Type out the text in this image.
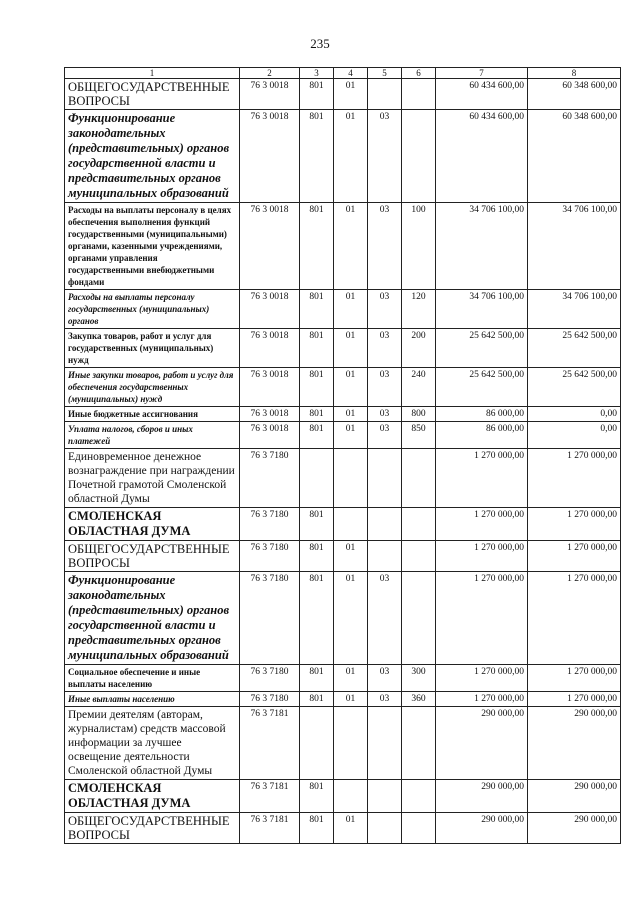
235
1	2	3	4	5	6	7	8
ОБЩЕГОСУДАРСТВЕННЫЕ ВОПРОСЫ	76 3 0018	801	01			60 434 600,00	60 348 600,00
Функционирование законодательных (представительных) органов государственной власти и представительных органов муниципальных образований	76 3 0018	801	01	03		60 434 600,00	60 348 600,00
Расходы на выплаты персоналу в целях обеспечения выполнения функций государственными (муниципальными) органами, казенными учреждениями, органами управления государственными внебюджетными фондами	76 3 0018	801	01	03	100	34 706 100,00	34 706 100,00
Расходы на выплаты персоналу государственных (муниципальных) органов	76 3 0018	801	01	03	120	34 706 100,00	34 706 100,00
Закупка товаров, работ и услуг для государственных (муниципальных) нужд	76 3 0018	801	01	03	200	25 642 500,00	25 642 500,00
Иные закупки товаров, работ и услуг для обеспечения государственных (муниципальных) нужд	76 3 0018	801	01	03	240	25 642 500,00	25 642 500,00
Иные бюджетные ассигнования	76 3 0018	801	01	03	800	86 000,00	0,00
Уплата налогов, сборов и иных платежей	76 3 0018	801	01	03	850	86 000,00	0,00
Единовременное денежное вознаграждение при награждении Почетной грамотой Смоленской областной Думы	76 3 7180					1 270 000,00	1 270 000,00
СМОЛЕНСКАЯ ОБЛАСТНАЯ ДУМА	76 3 7180	801				1 270 000,00	1 270 000,00
ОБЩЕГОСУДАРСТВЕННЫЕ ВОПРОСЫ	76 3 7180	801	01			1 270 000,00	1 270 000,00
Функционирование законодательных (представительных) органов государственной власти и представительных органов муниципальных образований	76 3 7180	801	01	03		1 270 000,00	1 270 000,00
Социальное обеспечение и иные выплаты населению	76 3 7180	801	01	03	300	1 270 000,00	1 270 000,00
Иные выплаты населению	76 3 7180	801	01	03	360	1 270 000,00	1 270 000,00
Премии деятелям (авторам, журналистам) средств массовой информации за лучшее освещение деятельности Смоленской областной Думы	76 3 7181					290 000,00	290 000,00
СМОЛЕНСКАЯ ОБЛАСТНАЯ ДУМА	76 3 7181	801				290 000,00	290 000,00
ОБЩЕГОСУДАРСТВЕННЫЕ ВОПРОСЫ	76 3 7181	801	01			290 000,00	290 000,00
